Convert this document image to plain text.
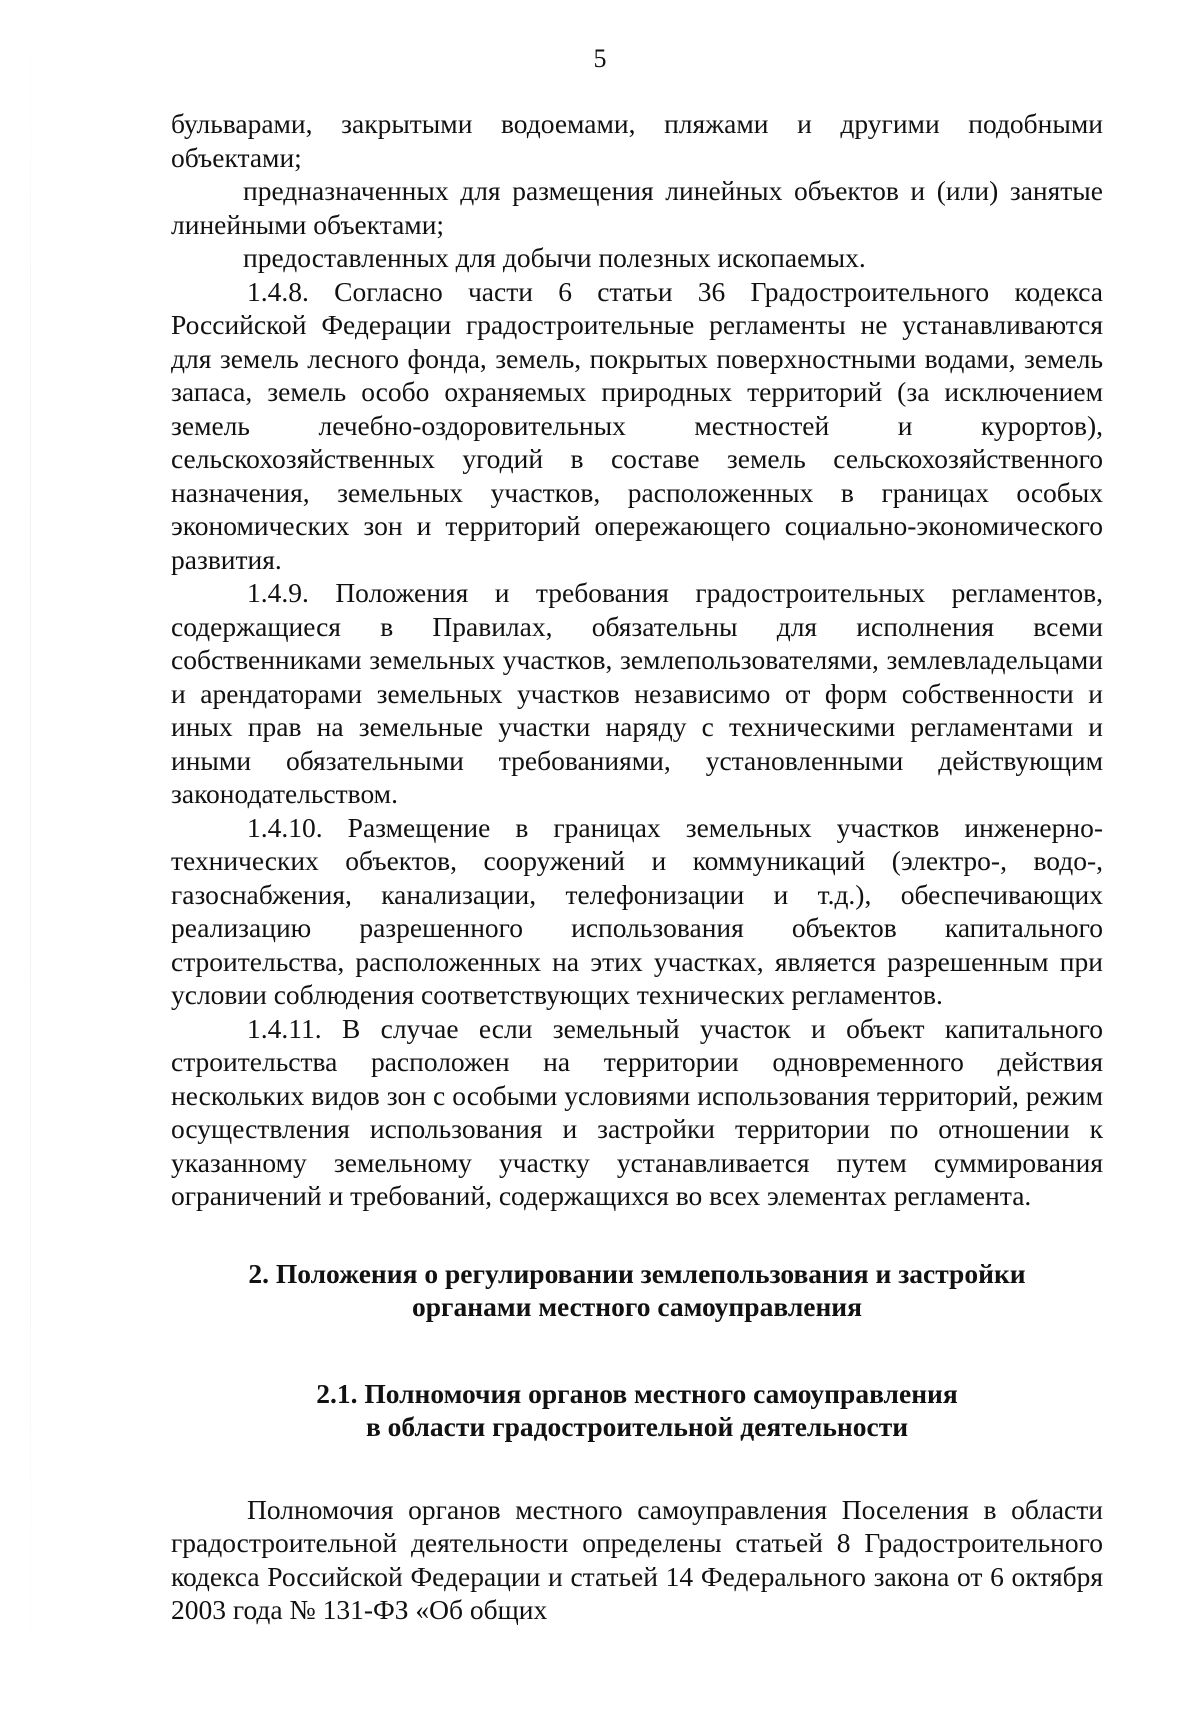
5

бульварами, закрытыми водоемами, пляжами и другими подобными объектами;

предназначенных для размещения линейных объектов и (или) занятые линейными объектами;

предоставленных для добычи полезных ископаемых.

1.4.8. Согласно части 6 статьи 36 Градостроительного кодекса Российской Федерации градостроительные регламенты не устанавливаются для земель лесного фонда, земель, покрытых поверхностными водами, земель запаса, земель особо охраняемых природных территорий (за исключением земель лечебно-оздоровительных местностей и курортов), сельскохозяйственных угодий в составе земель сельскохозяйственного назначения, земельных участков, расположенных в границах особых экономических зон и территорий опережающего социально-экономического развития.

1.4.9. Положения и требования градостроительных регламентов, содержащиеся в Правилах, обязательны для исполнения всеми собственниками земельных участков, землепользователями, землевладельцами и арендаторами земельных участков независимо от форм собственности и иных прав на земельные участки наряду с техническими регламентами и иными обязательными требованиями, установленными действующим законодательством.

1.4.10. Размещение в границах земельных участков инженерно-технических объектов, сооружений и коммуникаций (электро-, водо-, газоснабжения, канализации, телефонизации и т.д.), обеспечивающих реализацию разрешенного использования объектов капитального строительства, расположенных на этих участках, является разрешенным при условии соблюдения соответствующих технических регламентов.

1.4.11. В случае если земельный участок и объект капитального строительства расположен на территории одновременного действия нескольких видов зон с особыми условиями использования территорий, режим осуществления использования и застройки территории по отношении к указанному земельному участку устанавливается путем суммирования ограничений и требований, содержащихся во всех элементах регламента.

2. Положения о регулировании землепользования и застройки

органами местного самоуправления

2.1. Полномочия органов местного самоуправления

в области градостроительной деятельности

Полномочия органов местного самоуправления Поселения в области градостроительной деятельности определены статьей 8 Градостроительного кодекса Российской Федерации и статьей 14 Федерального закона от 6 октября 2003 года № 131-ФЗ «Об общих
